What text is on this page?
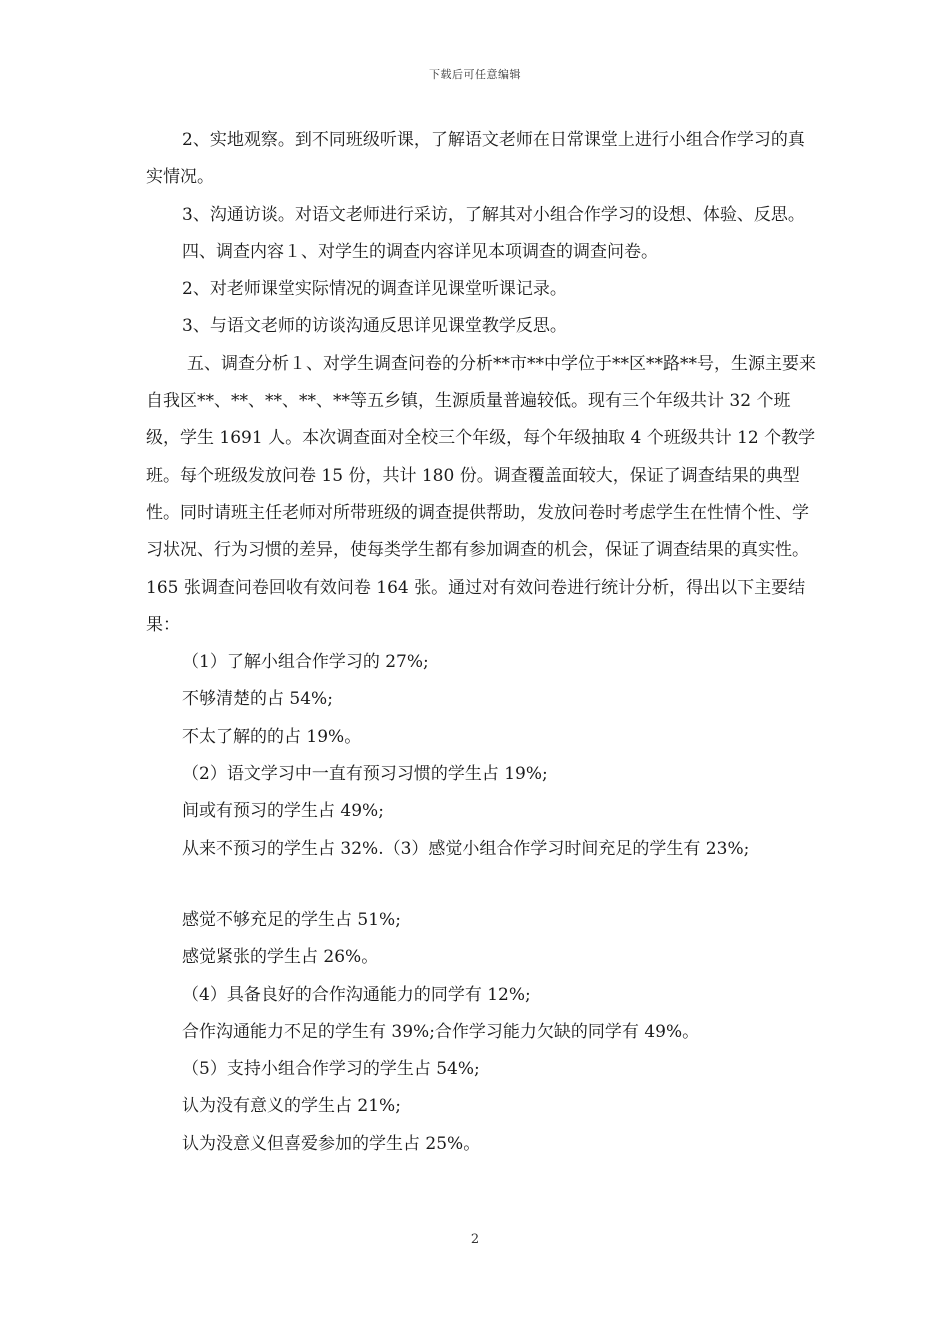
下载后可任意编辑

2、实地观察。到不同班级听课，了解语文老师在日常课堂上进行小组合作学习的真实情况。

3、沟通访谈。对语文老师进行采访，了解其对小组合作学习的设想、体验、反思。

四、调查内容１、对学生的调查内容详见本项调查的调查问卷。

2、对老师课堂实际情况的调查详见课堂听课记录。

3、与语文老师的访谈沟通反思详见课堂教学反思。

五、调查分析１、对学生调查问卷的分析**市**中学位于**区**路**号，生源主要来自我区**、**、**、**、**等五乡镇，生源质量普遍较低。现有三个年级共计 32 个班级，学生 1691 人。本次调查面对全校三个年级，每个年级抽取 4 个班级共计 12 个教学班。每个班级发放问卷 15 份，共计 180 份。调查覆盖面较大，保证了调查结果的典型性。同时请班主任老师对所带班级的调查提供帮助，发放问卷时考虑学生在性情个性、学习状况、行为习惯的差异，使每类学生都有参加调查的机会，保证了调查结果的真实性。165 张调查问卷回收有效问卷 164 张。通过对有效问卷进行统计分析，得出以下主要结果：

（1）了解小组合作学习的 27%;

不够清楚的占 54%;

不太了解的的占 19%。

（2）语文学习中一直有预习习惯的学生占 19%;

间或有预习的学生占 49%;

从来不预习的学生占 32%.（3）感觉小组合作学习时间充足的学生有 23%;

感觉不够充足的学生占 51%;

感觉紧张的学生占 26%。

（4）具备良好的合作沟通能力的同学有 12%;

合作沟通能力不足的学生有 39%;合作学习能力欠缺的同学有 49%。

（5）支持小组合作学习的学生占 54%;

认为没有意义的学生占 21%;

认为没意义但喜爱参加的学生占 25%。

2
